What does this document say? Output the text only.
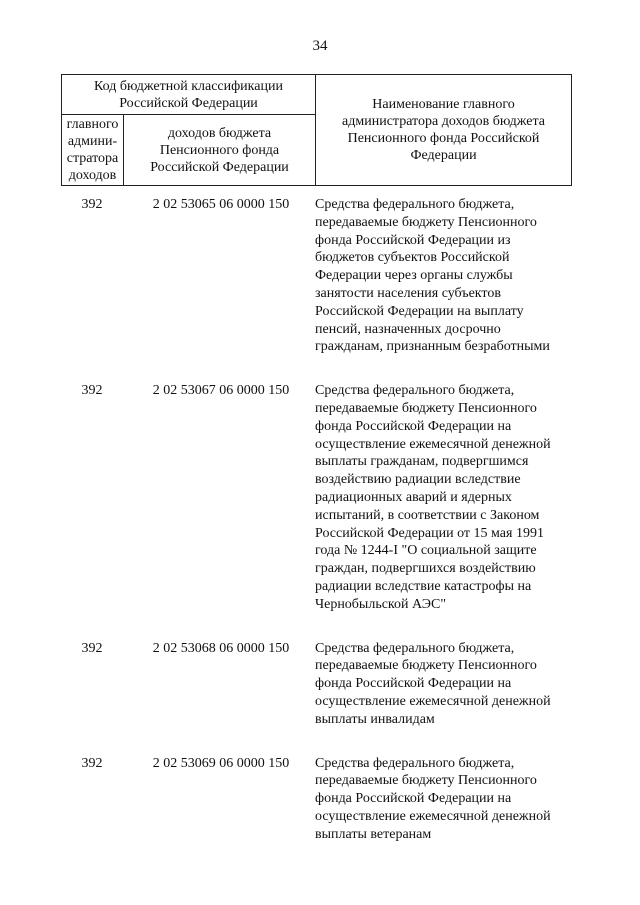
34
Код бюджетной классификации Российской Федерации		Наименование главного администратора доходов бюджета Пенсионного фонда Российской Федерации
главного админи-стратора доходов	доходов бюджета Пенсионного фонда Российской Федерации	
392	2 02 53065 06 0000 150	Средства федерального бюджета, передаваемые бюджету Пенсионного фонда Российской Федерации из бюджетов субъектов Российской Федерации через органы службы занятости населения субъектов Российской Федерации на выплату пенсий, назначенных досрочно гражданам, признанным безработными
392	2 02 53067 06 0000 150	Средства федерального бюджета, передаваемые бюджету Пенсионного фонда Российской Федерации на осуществление ежемесячной денежной выплаты гражданам, подвергшимся воздействию радиации вследствие радиационных аварий и ядерных испытаний, в соответствии с Законом Российской Федерации от 15 мая 1991 года № 1244-I "О социальной защите граждан, подвергшихся воздействию радиации вследствие катастрофы на Чернобыльской АЭС"
392	2 02 53068 06 0000 150	Средства федерального бюджета, передаваемые бюджету Пенсионного фонда Российской Федерации на осуществление ежемесячной денежной выплаты инвалидам
392	2 02 53069 06 0000 150	Средства федерального бюджета, передаваемые бюджету Пенсионного фонда Российской Федерации на осуществление ежемесячной денежной выплаты ветеранам
